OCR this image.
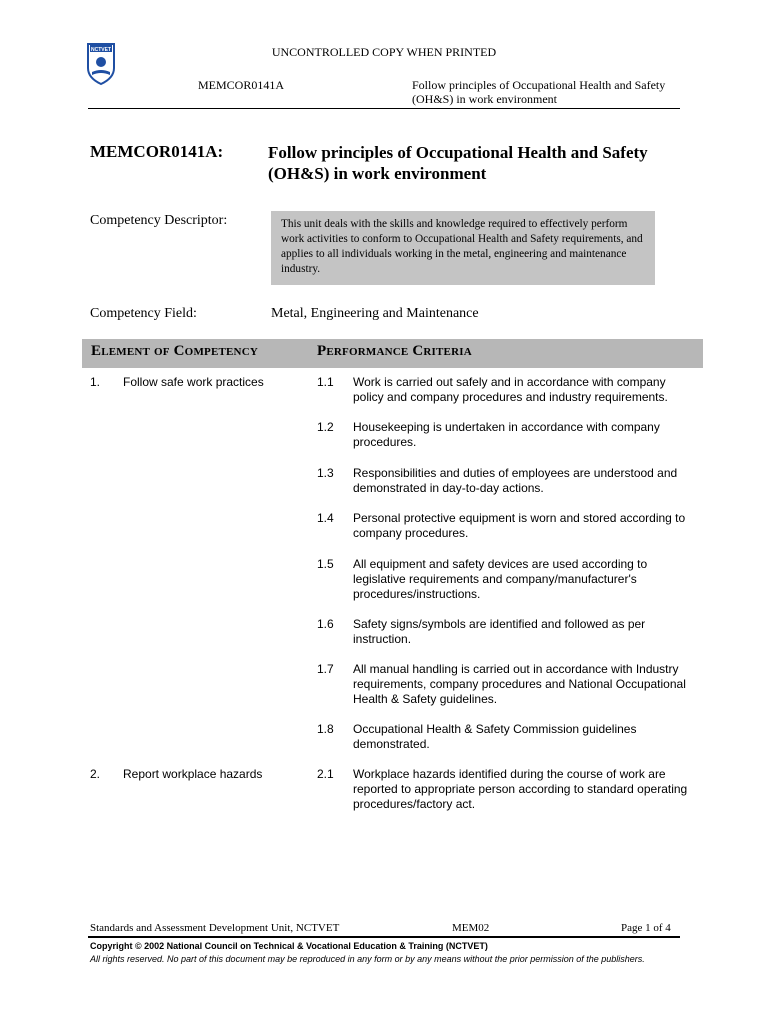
NCTVET	UNCONTROLLED COPY WHEN PRINTED
MEMCOR0141A	Follow principles of Occupational Health and Safety (OH&S) in work environment
MEMCOR0141A:	Follow principles of Occupational Health and Safety (OH&S) in work environment
Competency Descriptor:	This unit deals with the skills and knowledge required to effectively perform work activities to conform to Occupational Health and Safety requirements, and applies to all individuals working in the metal, engineering and maintenance industry.
Competency Field:	Metal, Engineering and Maintenance
Element of Competency	Performance Criteria
1. Follow safe work practices	1.1 Work is carried out safely and in accordance with company policy and company procedures and industry requirements.
1.2 Housekeeping is undertaken in accordance with company procedures.
1.3 Responsibilities and duties of employees are understood and demonstrated in day-to-day actions.
1.4 Personal protective equipment is worn and stored according to company procedures.
1.5 All equipment and safety devices are used according to legislative requirements and company/manufacturer's procedures/instructions.
1.6 Safety signs/symbols are identified and followed as per instruction.
1.7 All manual handling is carried out in accordance with Industry requirements, company procedures and National Occupational Health & Safety guidelines.
1.8 Occupational Health & Safety Commission guidelines demonstrated.
2. Report workplace hazards	2.1 Workplace hazards identified during the course of work are reported to appropriate person according to standard operating procedures/factory act.
Standards and Assessment Development Unit, NCTVET	MEM02	Page 1 of 4
Copyright © 2002 National Council on Technical & Vocational Education & Training (NCTVET)
All rights reserved. No part of this document may be reproduced in any form or by any means without the prior permission of the publishers.
